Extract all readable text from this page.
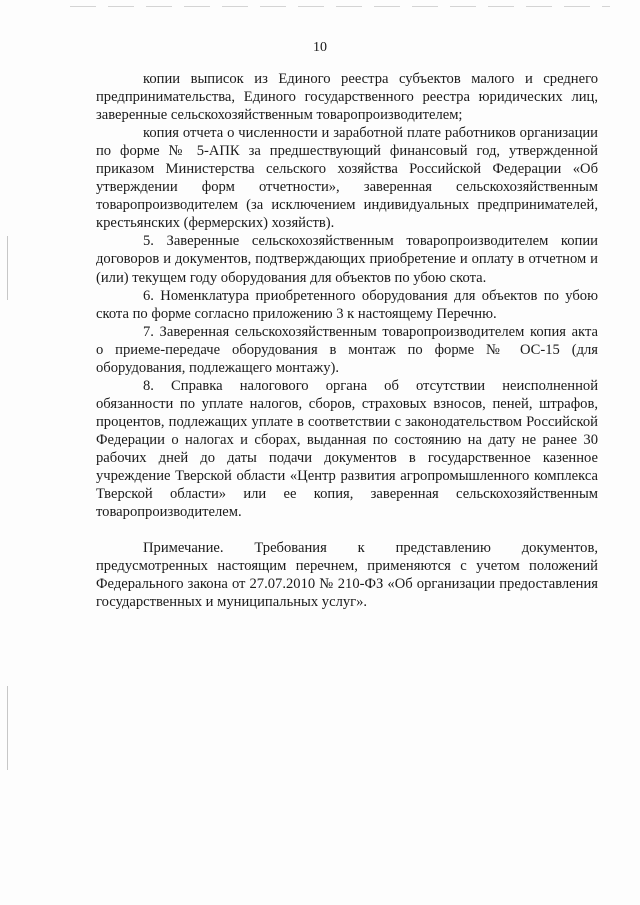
10

копии выписок из Единого реестра субъектов малого и среднего предпринимательства, Единого государственного реестра юридических лиц, заверенные сельскохозяйственным товаропроизводителем;

копия отчета о численности и заработной плате работников организации по форме № 5-АПК за предшествующий финансовый год, утвержденной приказом Министерства сельского хозяйства Российской Федерации «Об утверждении форм отчетности», заверенная сельскохозяйственным товаропроизводителем (за исключением индивидуальных предпринимателей, крестьянских (фермерских) хозяйств).

5. Заверенные сельскохозяйственным товаропроизводителем копии договоров и документов, подтверждающих приобретение и оплату в отчетном и (или) текущем году оборудования для объектов по убою скота.

6. Номенклатура приобретенного оборудования для объектов по убою скота по форме согласно приложению 3 к настоящему Перечню.

7. Заверенная сельскохозяйственным товаропроизводителем копия акта о приеме-передаче оборудования в монтаж по форме № ОС-15 (для оборудования, подлежащего монтажу).

8. Справка налогового органа об отсутствии неисполненной обязанности по уплате налогов, сборов, страховых взносов, пеней, штрафов, процентов, подлежащих уплате в соответствии с законодательством Российской Федерации о налогах и сборах, выданная по состоянию на дату не ранее 30 рабочих дней до даты подачи документов в государственное казенное учреждение Тверской области «Центр развития агропромышленного комплекса Тверской области» или ее копия, заверенная сельскохозяйственным товаропроизводителем.

Примечание. Требования к представлению документов, предусмотренных настоящим перечнем, применяются с учетом положений Федерального закона от 27.07.2010 № 210-ФЗ «Об организации предоставления государственных и муниципальных услуг».
